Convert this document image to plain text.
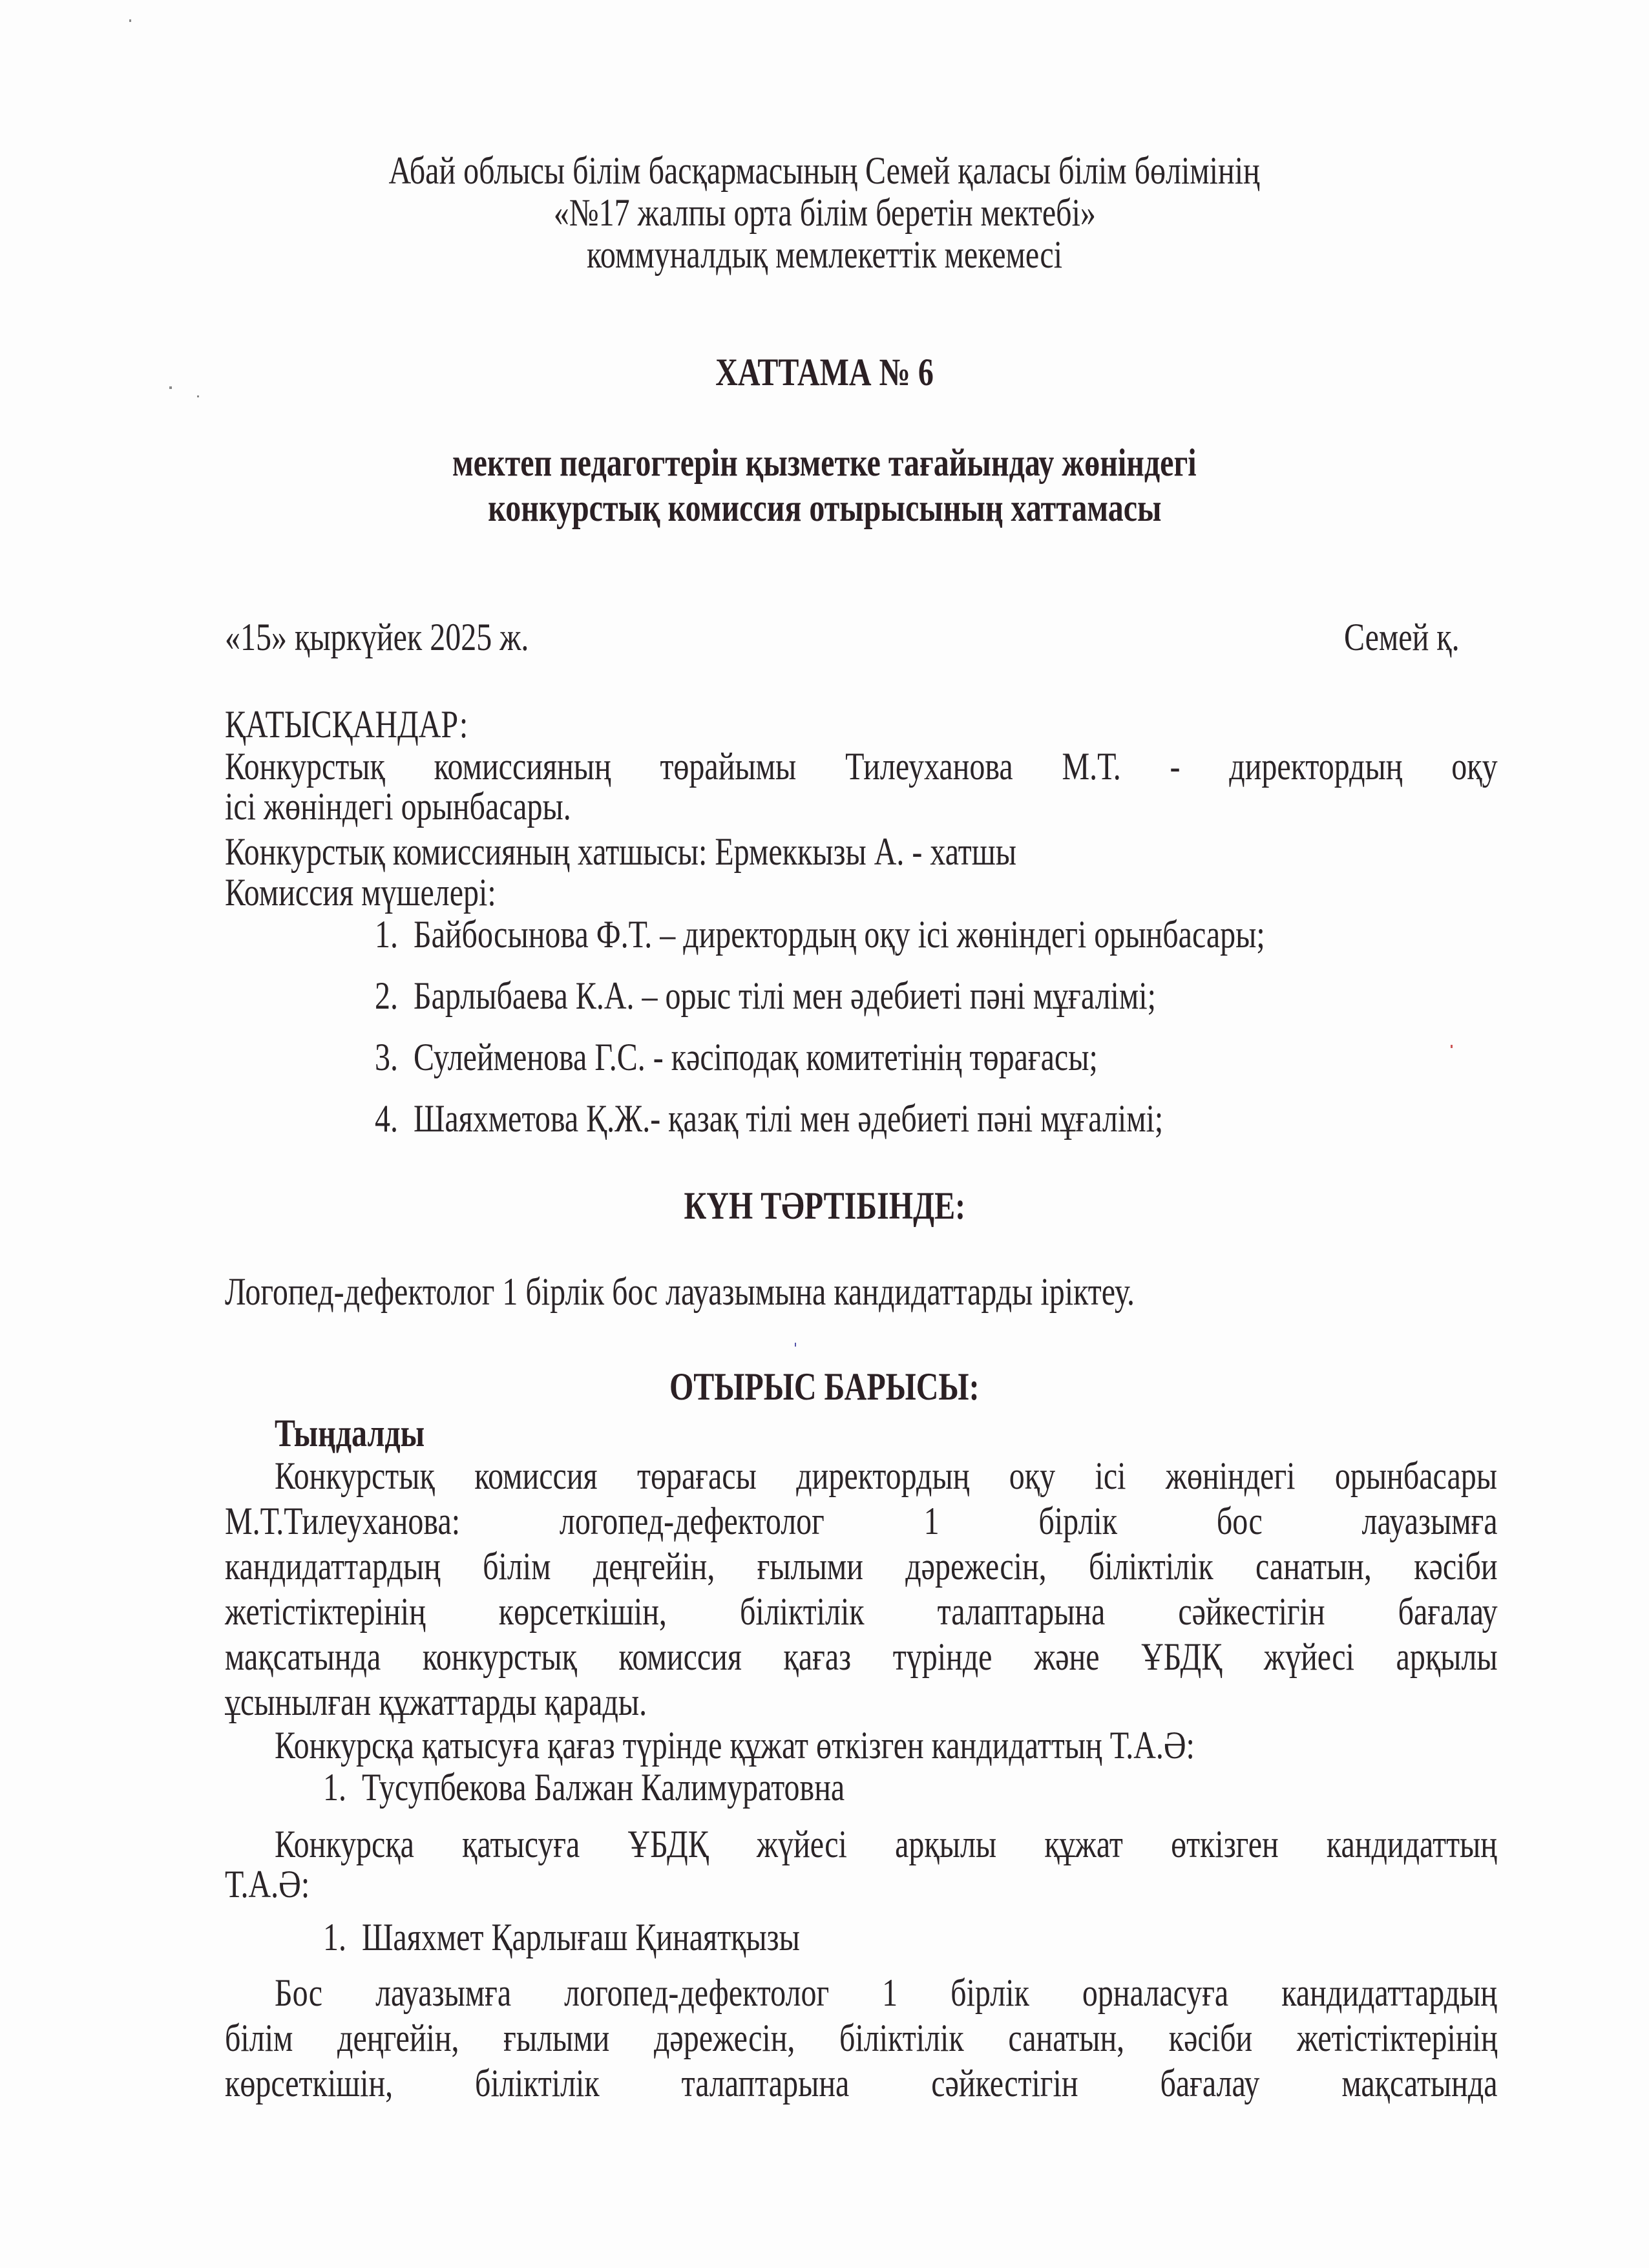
Абай облысы білім басқармасының Семей қаласы білім бөлімінің
«№17 жалпы орта білім беретін мектебі»
коммуналдық мемлекеттік мекемесі
ХАТТАМА № 6
мектеп педагогтерін қызметке тағайындау жөніндегі
конкурстық комиссия отырысының хаттамасы
«15» қыркүйек 2025 ж.	Семей қ.
ҚАТЫСҚАНДАР:
Конкурстық комиссияның төрайымы Тилеуханова М.Т. - директордың оқу
ісі жөніндегі орынбасары.
Конкурстық комиссияның хатшысы: Ермеккызы А. - хатшы
Комиссия мүшелері:
1. Байбосынова Ф.Т. – директордың оқу ісі жөніндегі орынбасары;
2. Барлыбаева К.А. – орыс тілі мен әдебиеті пәні мұғалімі;
3. Сулейменова Г.С. - кәсіподақ комитетінің төрағасы;
4. Шаяхметова Қ.Ж.- қазақ тілі мен әдебиеті пәні мұғалімі;
КҮН ТӘРТІБІНДЕ:
Логопед-дефектолог 1 бірлік бос лауазымына кандидаттарды іріктеу.
ОТЫРЫС БАРЫСЫ:
Тыңдалды
Конкурстық комиссия төрағасы директордың оқу ісі жөніндегі орынбасары
М.Т.Тилеуханова: логопед-дефектолог 1 бірлік бос лауазымға
кандидаттардың білім деңгейін, ғылыми дәрежесін, біліктілік санатын, кәсіби
жетістіктерінің көрсеткішін, біліктілік талаптарына сәйкестігін бағалау
мақсатында конкурстық комиссия қағаз түрінде және ҰБДҚ жүйесі арқылы
ұсынылған құжаттарды қарады.
Конкурсқа қатысуға қағаз түрінде құжат өткізген кандидаттың Т.А.Ә:
1. Тусупбекова Балжан Калимуратовна
Конкурсқа қатысуға ҰБДҚ жүйесі арқылы құжат өткізген кандидаттың
Т.А.Ә:
1. Шаяхмет Қарлығаш Қинаятқызы
Бос лауазымға логопед-дефектолог 1 бірлік орналасуға кандидаттардың
білім деңгейін, ғылыми дәрежесін, біліктілік санатын, кәсіби жетістіктерінің
көрсеткішін, біліктілік талаптарына сәйкестігін бағалау мақсатында
